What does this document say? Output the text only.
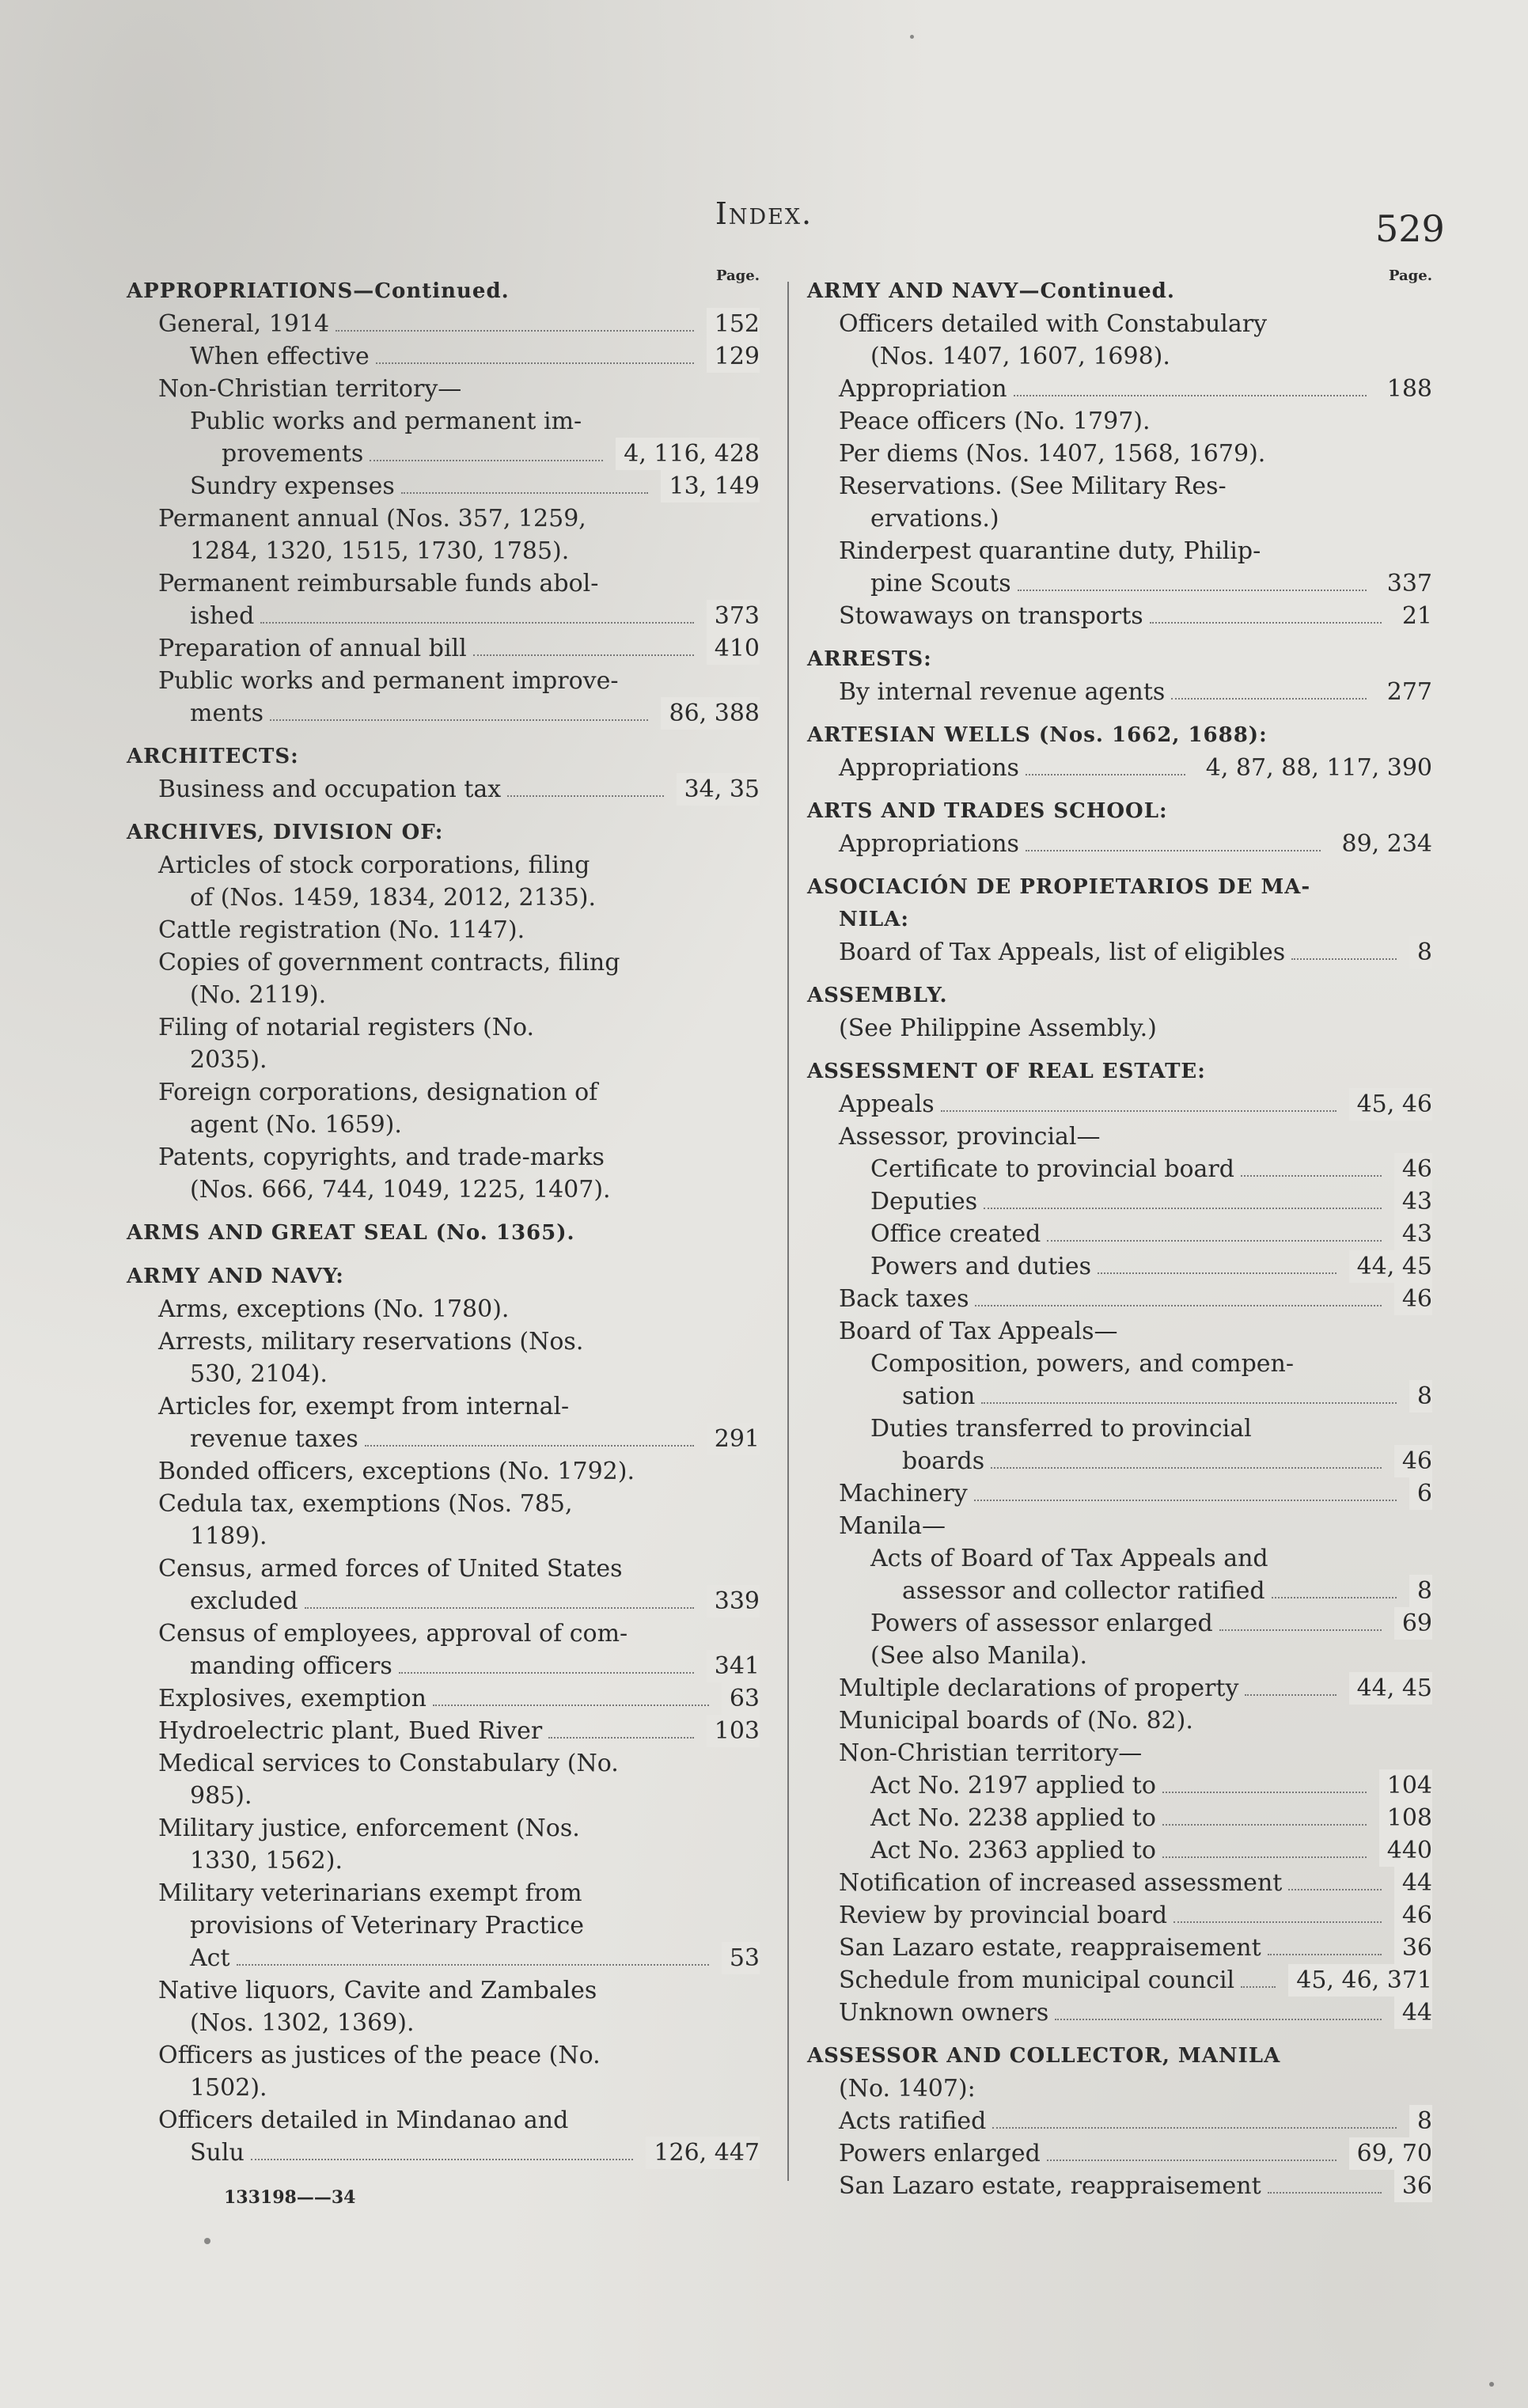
Index.	529
APPROPRIATIONS—Continued.
Page.
General, 1914	152
When effective	129
Non-Christian territory—
Public works and permanent im-
provements	4, 116, 428
Sundry expenses	13, 149
Permanent annual (Nos. 357, 1259,
1284, 1320, 1515, 1730, 1785).
Permanent reimbursable funds abol-
ished	373
Preparation of annual bill	410
Public works and permanent improve-
ments	86, 388
ARCHITECTS:
Business and occupation tax	34, 35
ARCHIVES, DIVISION OF:
Articles of stock corporations, filing
of (Nos. 1459, 1834, 2012, 2135).
Cattle registration (No. 1147).
Copies of government contracts, filing
(No. 2119).
Filing of notarial registers (No.
2035).
Foreign corporations, designation of
agent (No. 1659).
Patents, copyrights, and trade-marks
(Nos. 666, 744, 1049, 1225, 1407).
ARMS AND GREAT SEAL (No. 1365).
ARMY AND NAVY:
Arms, exceptions (No. 1780).
Arrests, military reservations (Nos.
530, 2104).
Articles for, exempt from internal-
revenue taxes	291
Bonded officers, exceptions (No. 1792).
Cedula tax, exemptions (Nos. 785,
1189).
Census, armed forces of United States
excluded	339
Census of employees, approval of com-
manding officers	341
Explosives, exemption	63
Hydroelectric plant, Bued River	103
Medical services to Constabulary (No.
985).
Military justice, enforcement (Nos.
1330, 1562).
Military veterinarians exempt from
provisions of Veterinary Practice
Act	53
Native liquors, Cavite and Zambales
(Nos. 1302, 1369).
Officers as justices of the peace (No.
1502).
Officers detailed in Mindanao and
Sulu	126, 447
ARMY AND NAVY—Continued.
Page.
Officers detailed with Constabulary
(Nos. 1407, 1607, 1698).
Appropriation	188
Peace officers (No. 1797).
Per diems (Nos. 1407, 1568, 1679).
Reservations. (See Military Res-
ervations.)
Rinderpest quarantine duty, Philip-
pine Scouts	337
Stowaways on transports	21
ARRESTS:
By internal revenue agents	277
ARTESIAN WELLS (Nos. 1662, 1688):
Appropriations	4, 87, 88, 117, 390
ARTS AND TRADES SCHOOL:
Appropriations	89, 234
ASOCIACIÓN DE PROPIETARIOS DE MA-
NILA:
Board of Tax Appeals, list of eligibles	8
ASSEMBLY.
(See Philippine Assembly.)
ASSESSMENT OF REAL ESTATE:
Appeals	45, 46
Assessor, provincial—
Certificate to provincial board	46
Deputies	43
Office created	43
Powers and duties	44, 45
Back taxes	46
Board of Tax Appeals—
Composition, powers, and compen-
sation	8
Duties transferred to provincial
boards	46
Machinery	6
Manila—
Acts of Board of Tax Appeals and
assessor and collector ratified	8
Powers of assessor enlarged	69
(See also Manila).
Multiple declarations of property	44, 45
Municipal boards of (No. 82).
Non-Christian territory—
Act No. 2197 applied to	104
Act No. 2238 applied to	108
Act No. 2363 applied to	440
Notification of increased assessment	44
Review by provincial board	46
San Lazaro estate, reappraisement	36
Schedule from municipal council	45, 46, 371
Unknown owners	44
ASSESSOR AND COLLECTOR, MANILA
(No. 1407):
Acts ratified	8
Powers enlarged	69, 70
San Lazaro estate, reappraisement	36
133198——34
